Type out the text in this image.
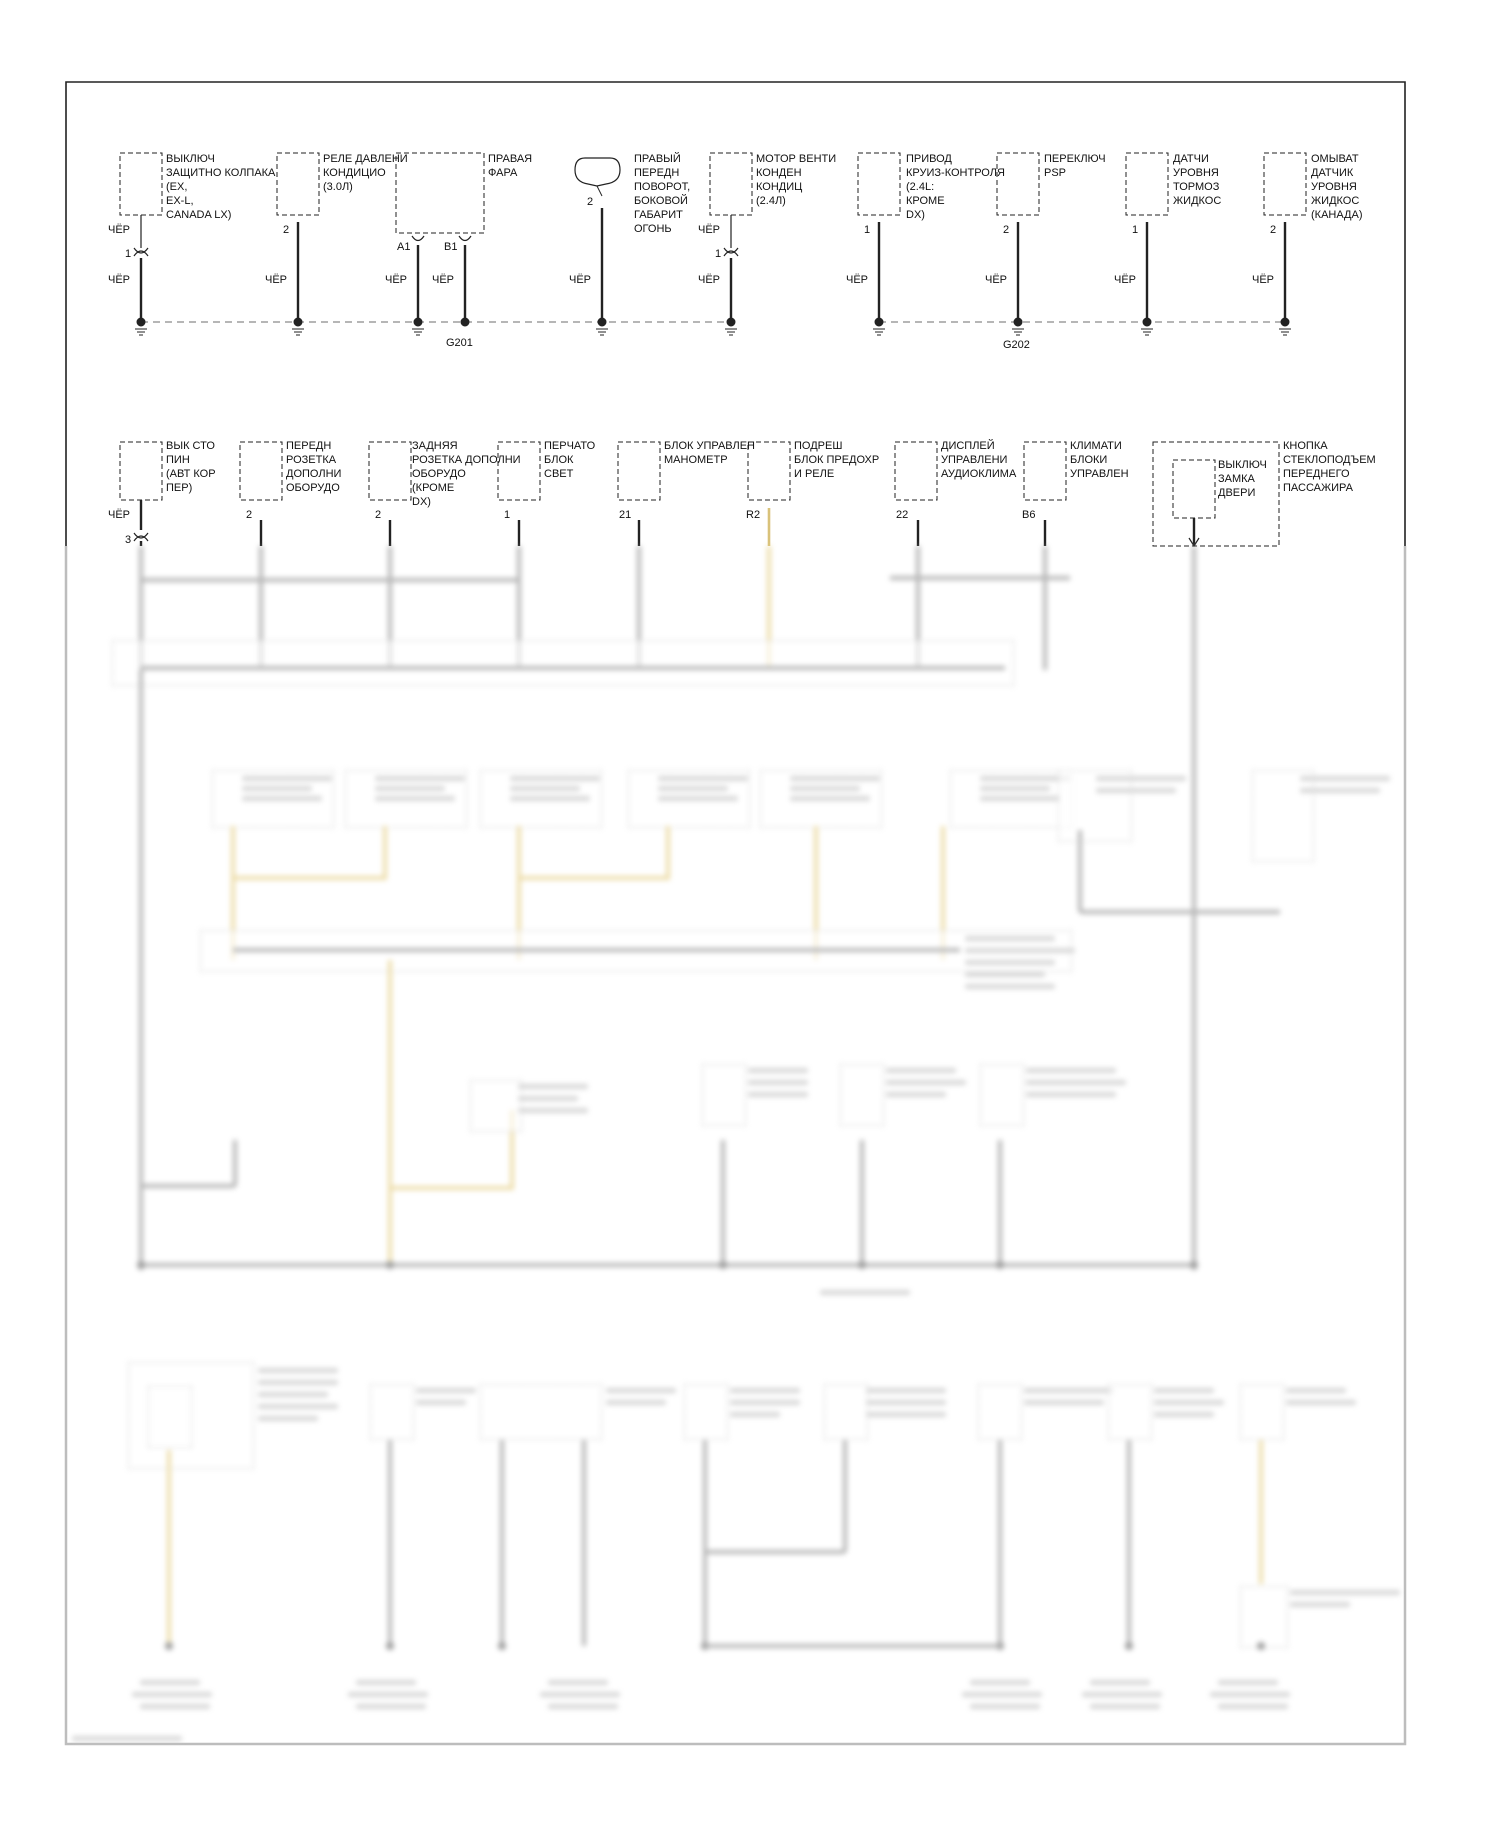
ВЫКЛЮЧ
ЗАЩИТНО КОЛПАКА
(EX,
EX-L,
CANADA LX)
РЕЛЕ ДАВЛЕНИ
КОНДИЦИО
(3.0Л)
ПРАВАЯ
ФАРА
ПРАВЫЙ
ПЕРЕДН
ПОВОРОТ,
БОКОВОЙ
ГАБАРИТ
ОГОНЬ
МОТОР ВЕНТИ
КОНДЕН
КОНДИЦ
(2.4Л)
ПРИВОД
КРУИЗ-КОНТРОЛЯ
(2.4L:
КРОМЕ
DX)
ПЕРЕКЛЮЧ
PSP
ДАТЧИ
УРОВНЯ
ТОРМОЗ
ЖИДКОС
ОМЫВАТ
ДАТЧИК
УРОВНЯ
ЖИДКОС
(КАНАДА)
1
2
A1	B1
2
1
1	2	1	2
ЧЁР	ЧЁР
ЧЁР	ЧЁР	ЧЁР ЧЁР	ЧЁР	ЧЁР	ЧЁР	ЧЁР	ЧЁР	ЧЁР
G201	G202
ВЫК СТО
ПИН
(АВТ КОР
ПЕР)
ПЕРЕДН
РОЗЕТКА
ДОПОЛНИ
ОБОРУДО
ЗАДНЯЯ
РОЗЕТКА ДОПОЛНИ
ОБОРУДО
(КРОМЕ
DX)
ПЕРЧАТО
БЛОК
СВЕТ
БЛОК УПРАВЛЕН
МАНОМЕТР
ПОДРЕШ
БЛОК ПРЕДОХР
И РЕЛЕ
ДИСПЛЕЙ
УПРАВЛЕНИ
АУДИОКЛИМА
КЛИМАТИ
БЛОКИ
УПРАВЛЕН
ВЫКЛЮЧ
ЗАМКА
ДВЕРИ
КНОПКА
СТЕКЛОПОДЪЕМ
ПЕРЕДНЕГО
ПАССАЖИРА
ЧЁР
3
2	2	1	21	R2	22	B6
